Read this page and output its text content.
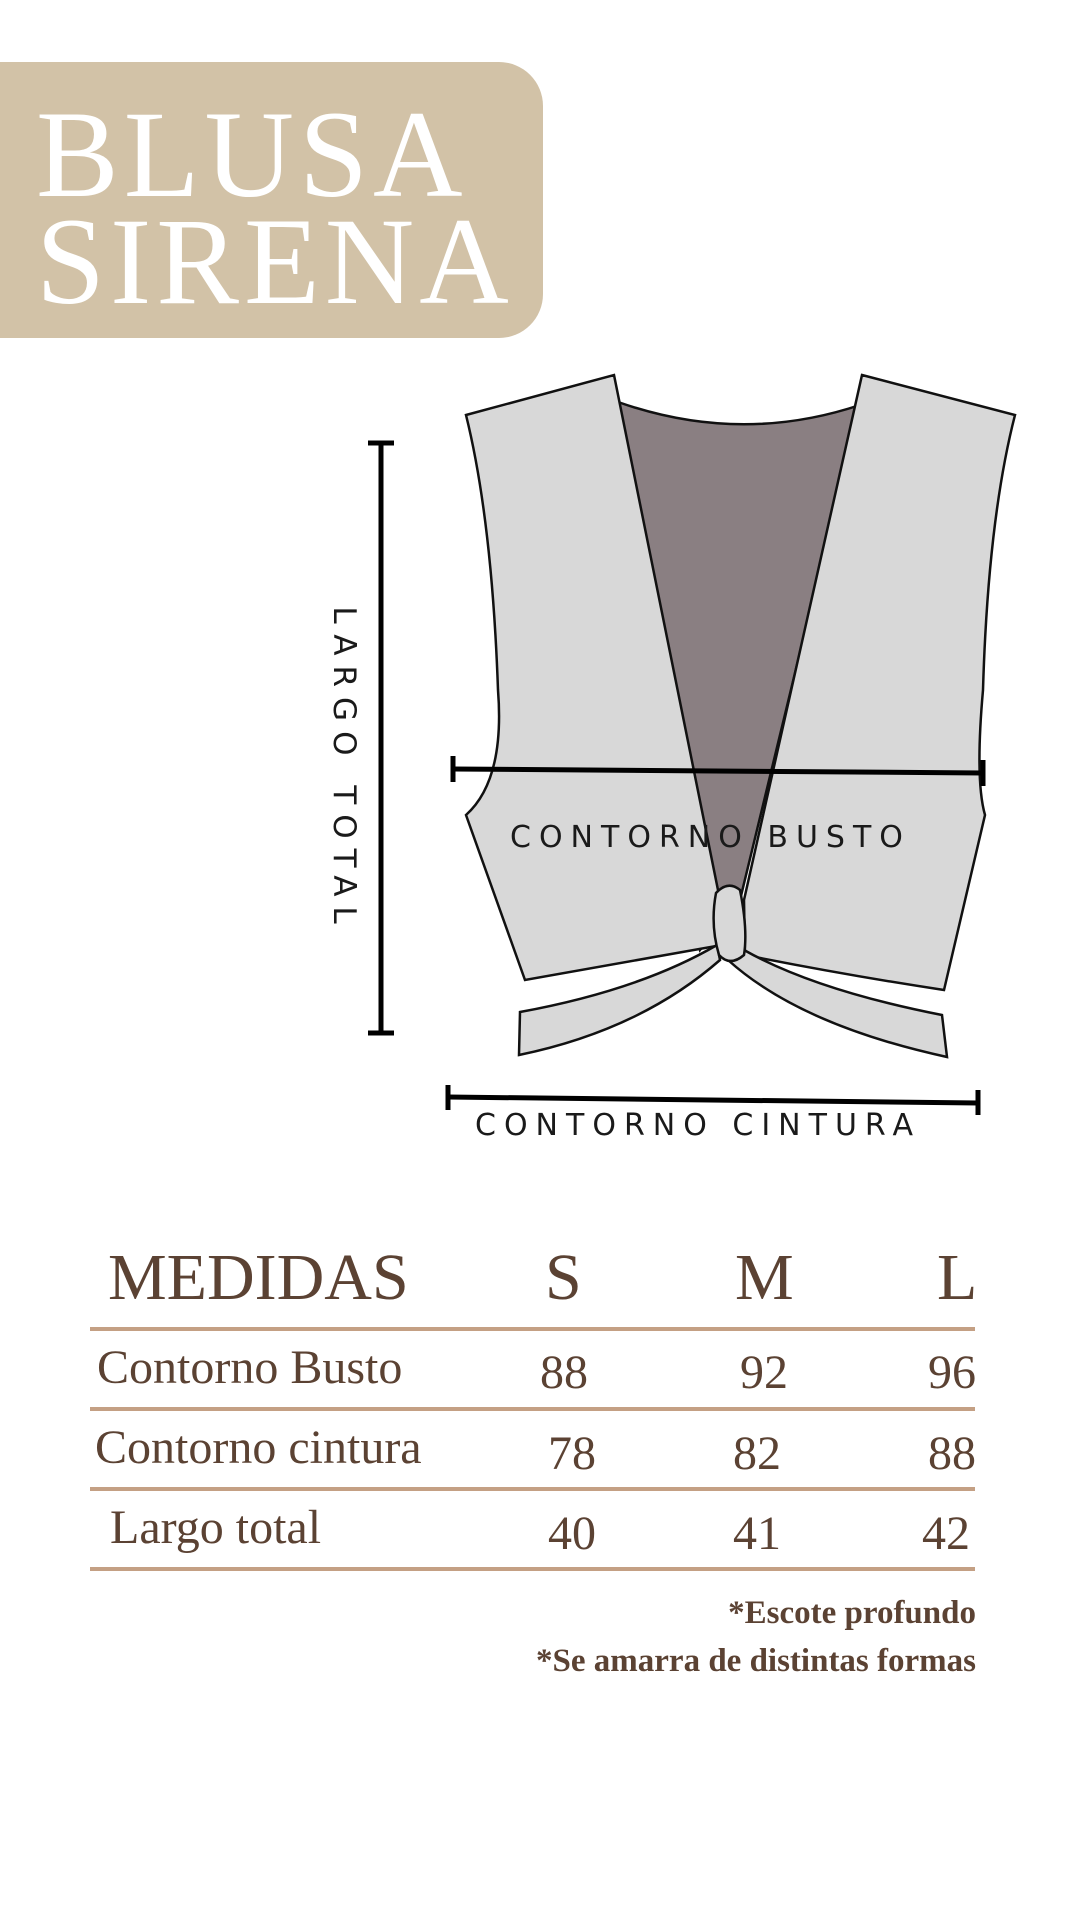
BLUSA
SIRENA
LARGO TOTAL	CONTORNO BUSTO
CONTORNO CINTURA
MEDIDAS S M L
Contorno Busto	88	92	96
Contorno cintura	78	82	88
Largo total	40	41	42
*Escote profundo
*Se amarra de distintas formas
